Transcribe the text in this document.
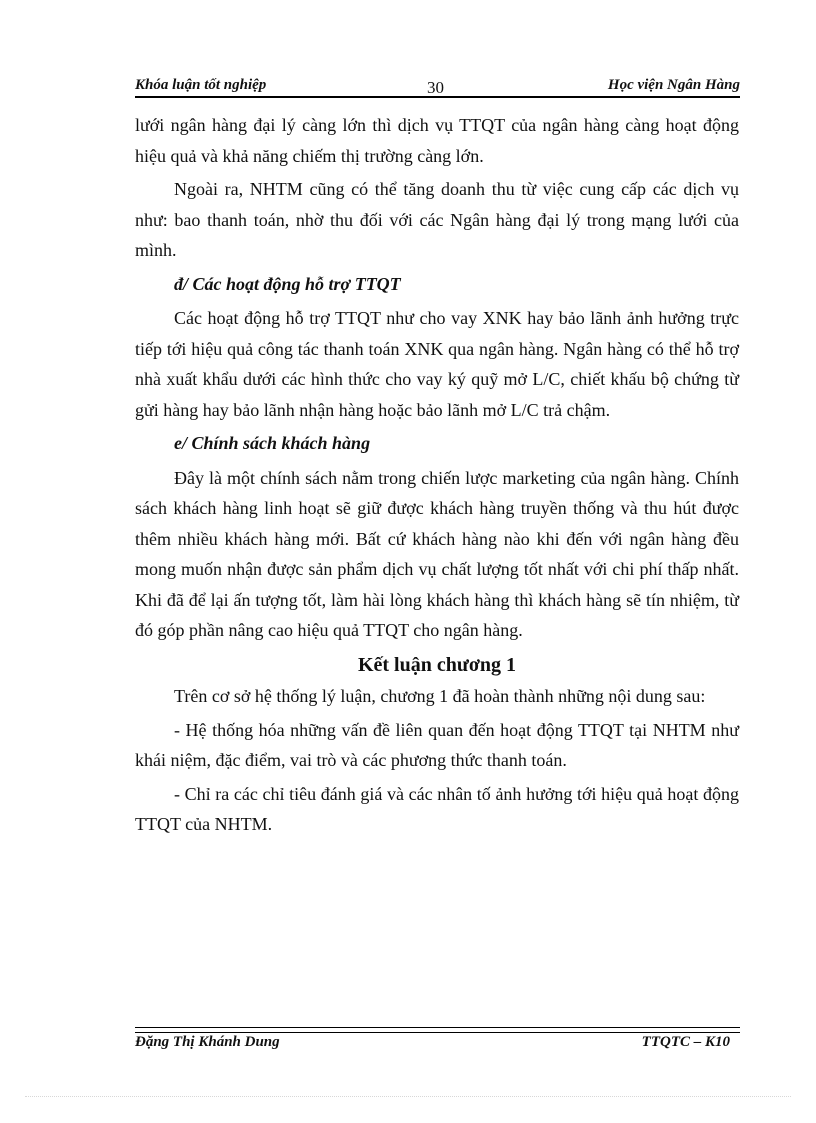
Khóa luận tốt nghiệp	30	Học viện Ngân Hàng

lưới ngân hàng đại lý càng lớn thì dịch vụ TTQT của ngân hàng càng hoạt động hiệu quả và khả năng chiếm thị trường càng lớn.

Ngoài ra, NHTM cũng có thể tăng doanh thu từ việc cung cấp các dịch vụ như: bao thanh toán, nhờ thu đối với các Ngân hàng đại lý trong mạng lưới của mình.

đ/ Các hoạt động hỗ trợ TTQT

Các hoạt động hỗ trợ TTQT như cho vay XNK hay bảo lãnh ảnh hưởng trực tiếp tới hiệu quả công tác thanh toán XNK qua ngân hàng. Ngân hàng có thể hỗ trợ nhà xuất khẩu dưới các hình thức cho vay ký quỹ mở L/C, chiết khấu bộ chứng từ gửi hàng hay bảo lãnh nhận hàng hoặc bảo lãnh mở L/C trả chậm.

e/ Chính sách khách hàng

Đây là một chính sách nằm trong chiến lược marketing của ngân hàng. Chính sách khách hàng linh hoạt sẽ giữ được khách hàng truyền thống và thu hút được thêm nhiều khách hàng mới. Bất cứ khách hàng nào khi đến với ngân hàng đều mong muốn nhận được sản phẩm dịch vụ chất lượng tốt nhất với chi phí thấp nhất. Khi đã để lại ấn tượng tốt, làm hài lòng khách hàng thì khách hàng sẽ tín nhiệm, từ đó góp phần nâng cao hiệu quả TTQT cho ngân hàng.

Kết luận chương 1

Trên cơ sở hệ thống lý luận, chương 1 đã hoàn thành những nội dung sau:

- Hệ thống hóa những vấn đề liên quan đến hoạt động TTQT tại NHTM như khái niệm, đặc điểm, vai trò và các phương thức thanh toán.

- Chỉ ra các chỉ tiêu đánh giá và các nhân tố ảnh hưởng tới hiệu quả hoạt động TTQT của NHTM.

Đặng Thị Khánh Dung	TTQTC – K10
